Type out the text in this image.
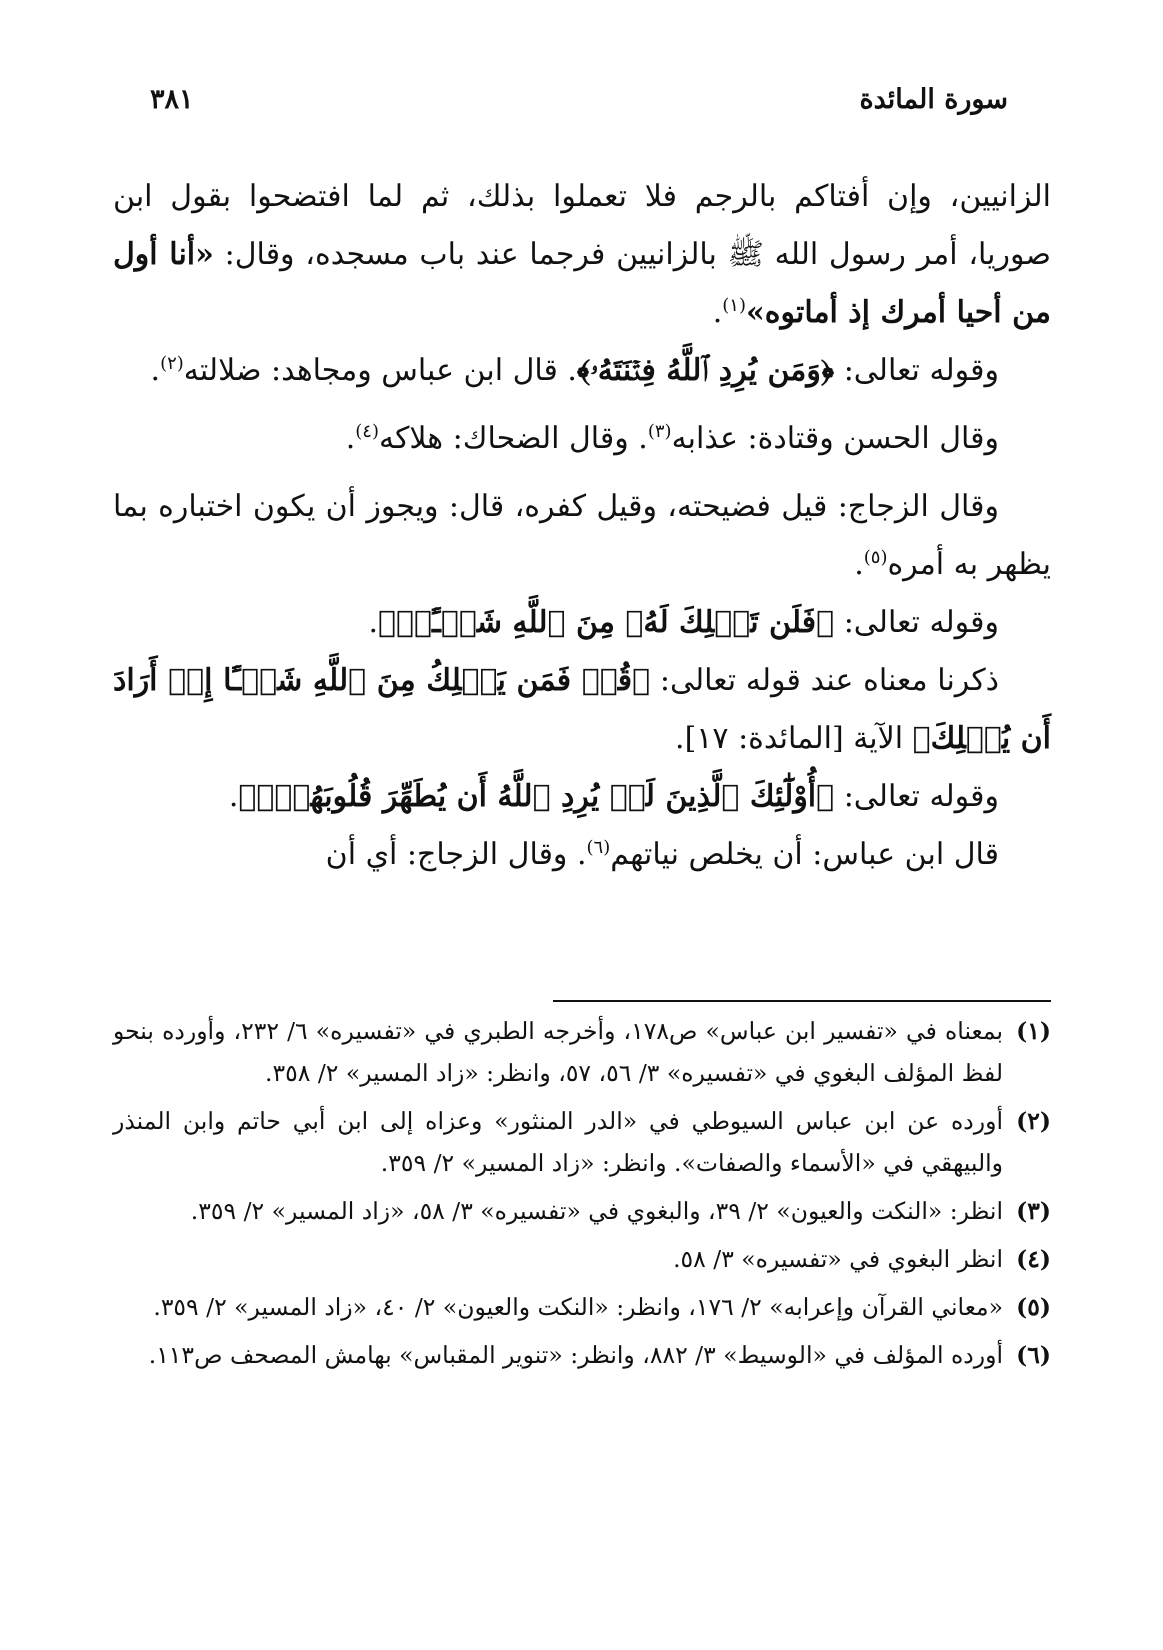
سورة المائدة
٣٨١

الزانيين، وإن أفتاكم بالرجم فلا تعملوا بذلك، ثم لما افتضحوا بقول ابن صوريا، أمر رسول الله ﷺ بالزانيين فرجما عند باب مسجده، وقال: «أنا أول من أحيا أمرك إذ أماتوه»$^{(١)}$.

وقوله تعالى: ﴿وَمَن يُرِدِ ٱللَّهُ فِتۡنَتَهُۥ﴾. قال ابن عباس ومجاهد: ضلالته$^{(٢)}$.

وقال الحسن وقتادة: عذابه$^{(٣)}$. وقال الضحاك: هلاكه$^{(٤)}$.

وقال الزجاج: قيل فضيحته، وقيل كفره، قال: ويجوز أن يكون اختباره بما يظهر به أمره$^{(٥)}$.

وقوله تعالى: ﴿فَلَن تَمۡلِكَ لَهُۥ مِنَ ٱللَّهِ شَيۡـًٔاۚ﴾.

ذكرنا معناه عند قوله تعالى: ﴿قُلۡ فَمَن يَمۡلِكُ مِنَ ٱللَّهِ شَيۡـًٔا إِنۡ أَرَادَ أَن يُهۡلِكَ﴾ الآية [المائدة: ١٧].

وقوله تعالى: ﴿أُوْلَٰٓئِكَ ٱلَّذِينَ لَمۡ يُرِدِ ٱللَّهُ أَن يُطَهِّرَ قُلُوبَهُمۡۚ﴾.

قال ابن عباس: أن يخلص نياتهم$^{(٦)}$. وقال الزجاج: أي أن

(١)
بمعناه في «تفسير ابن عباس» ص١٧٨، وأخرجه الطبري في «تفسيره» ٦/ ٢٣٢، وأورده بنحو لفظ المؤلف البغوي في «تفسيره» ٣/ ٥٦، ٥٧، وانظر: «زاد المسير» ٢/ ٣٥٨.
(٢)
أورده عن ابن عباس السيوطي في «الدر المنثور» وعزاه إلى ابن أبي حاتم وابن المنذر والبيهقي في «الأسماء والصفات». وانظر: «زاد المسير» ٢/ ٣٥٩.
(٣)
انظر: «النكت والعيون» ٢/ ٣٩، والبغوي في «تفسيره» ٣/ ٥٨، «زاد المسير» ٢/ ٣٥٩.
(٤)
انظر البغوي في «تفسيره» ٣/ ٥٨.
(٥)
«معاني القرآن وإعرابه» ٢/ ١٧٦، وانظر: «النكت والعيون» ٢/ ٤٠، «زاد المسير» ٢/ ٣٥٩.
(٦)
أورده المؤلف في «الوسيط» ٣/ ٨٨٢، وانظر: «تنوير المقباس» بهامش المصحف ص١١٣.
